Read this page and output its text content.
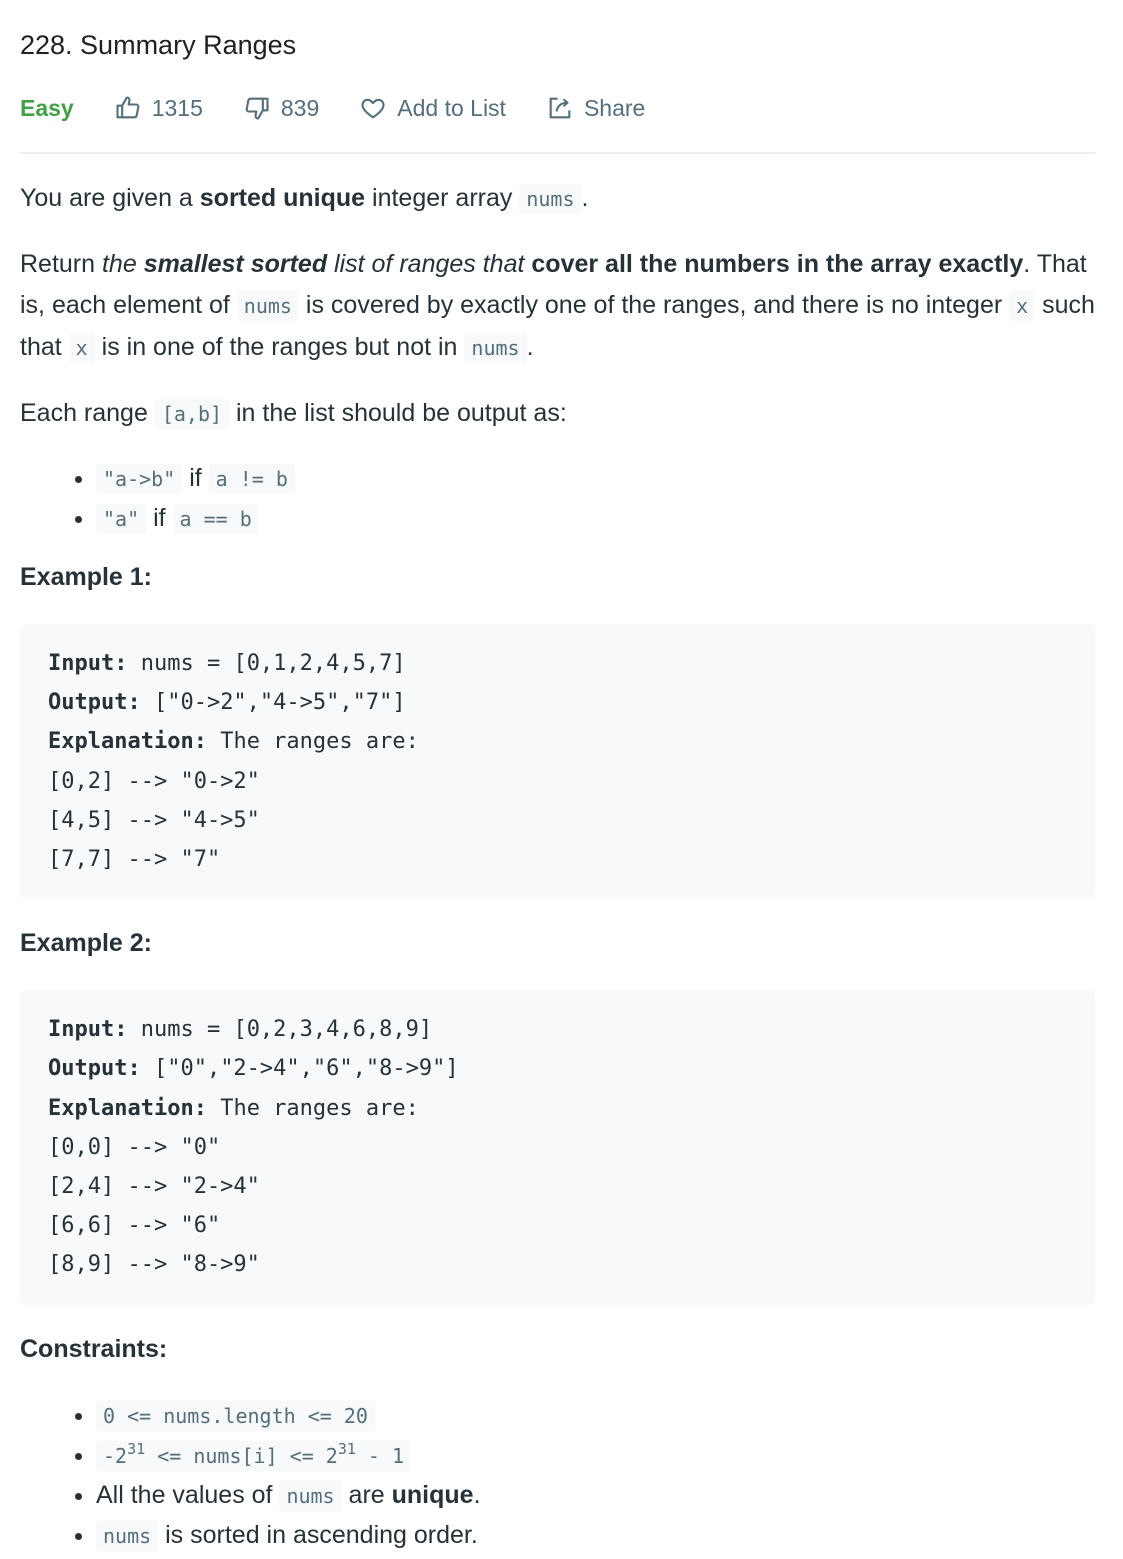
228. Summary Ranges
Easy	1315	839	Add to List	Share

You are given a sorted unique integer array nums .

Return the smallest sorted list of ranges that cover all the numbers in the array exactly. That is, each element of nums is covered by exactly one of the ranges, and there is no integer x such that x is in one of the ranges but not in nums .

Each range [a,b] in the list should be output as:

• "a->b" if a != b
• "a" if a == b
Example 1:
Input: nums = [0,1,2,4,5,7]
Output: ["0->2","4->5","7"]
Explanation: The ranges are:
[0,2] --> "0->2"
[4,5] --> "4->5"
[7,7] --> "7"
Example 2:
Input: nums = [0,2,3,4,6,8,9]
Output: ["0","2->4","6","8->9"]
Explanation: The ranges are:
[0,0] --> "0"
[2,4] --> "2->4"
[6,6] --> "6"
[8,9] --> "8->9"
Constraints:
• 0 <= nums.length <= 20
• $-2^{31}$ <= nums[i] <= $2^{31} - 1$
• All the values of nums are unique.
• nums is sorted in ascending order.
